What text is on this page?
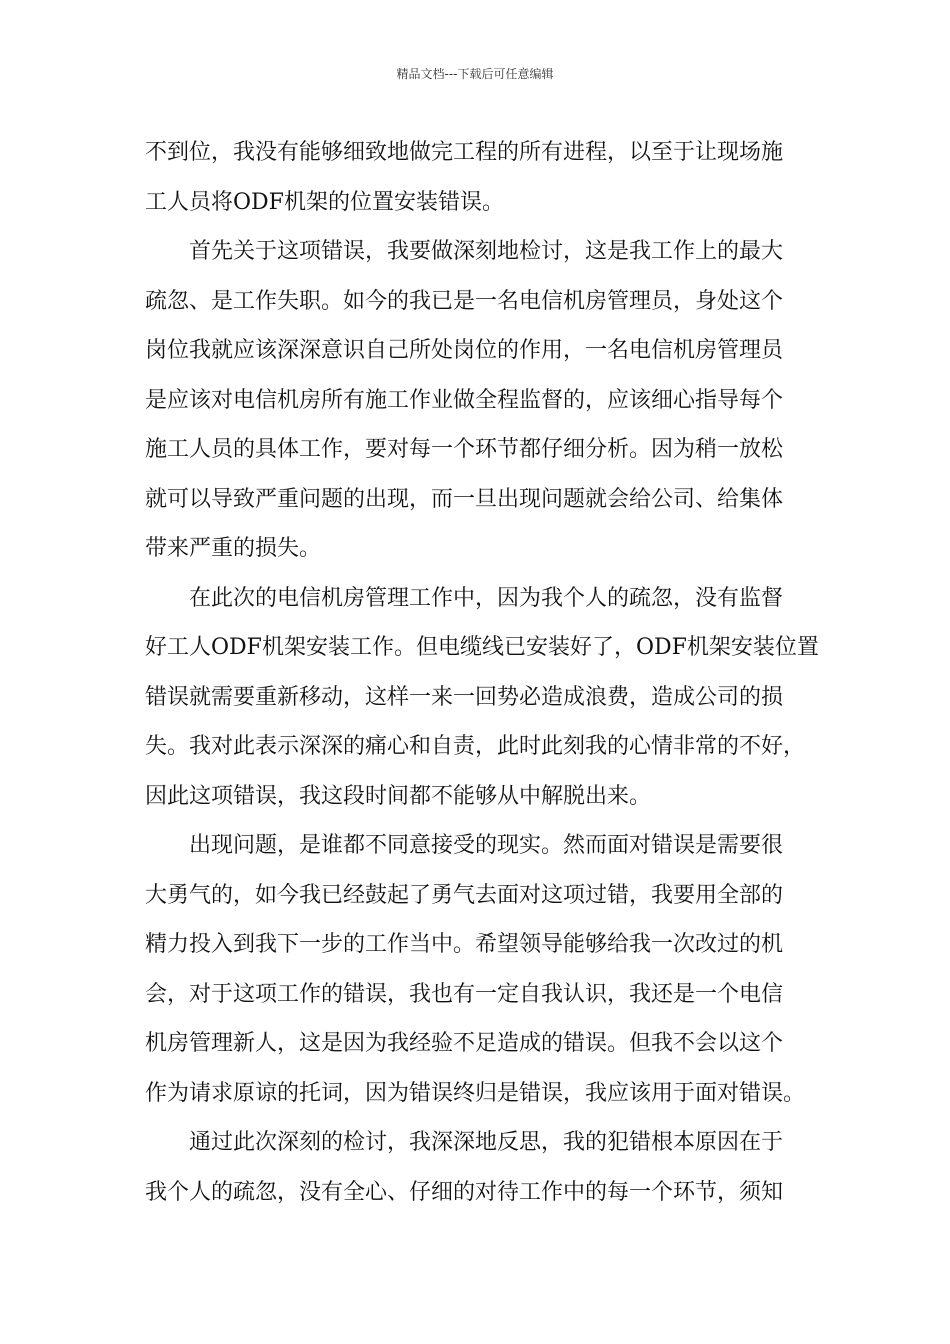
精品文档---下载后可任意编辑
不到位，我没有能够细致地做完工程的所有进程，以至于让现场施
工人员将ODF机架的位置安装错误。
首先关于这项错误，我要做深刻地检讨，这是我工作上的最大
疏忽、是工作失职。如今的我已是一名电信机房管理员，身处这个
岗位我就应该深深意识自己所处岗位的作用，一名电信机房管理员
是应该对电信机房所有施工作业做全程监督的，应该细心指导每个
施工人员的具体工作，要对每一个环节都仔细分析。因为稍一放松
就可以导致严重问题的出现，而一旦出现问题就会给公司、给集体
带来严重的损失。
在此次的电信机房管理工作中，因为我个人的疏忽，没有监督
好工人ODF机架安装工作。但电缆线已安装好了，ODF机架安装位置
错误就需要重新移动，这样一来一回势必造成浪费，造成公司的损
失。我对此表示深深的痛心和自责，此时此刻我的心情非常的不好，
因此这项错误，我这段时间都不能够从中解脱出来。
出现问题，是谁都不同意接受的现实。然而面对错误是需要很
大勇气的，如今我已经鼓起了勇气去面对这项过错，我要用全部的
精力投入到我下一步的工作当中。希望领导能够给我一次改过的机
会，对于这项工作的错误，我也有一定自我认识，我还是一个电信
机房管理新人，这是因为我经验不足造成的错误。但我不会以这个
作为请求原谅的托词，因为错误终归是错误，我应该用于面对错误。
通过此次深刻的检讨，我深深地反思，我的犯错根本原因在于
我个人的疏忽，没有全心、仔细的对待工作中的每一个环节，须知
